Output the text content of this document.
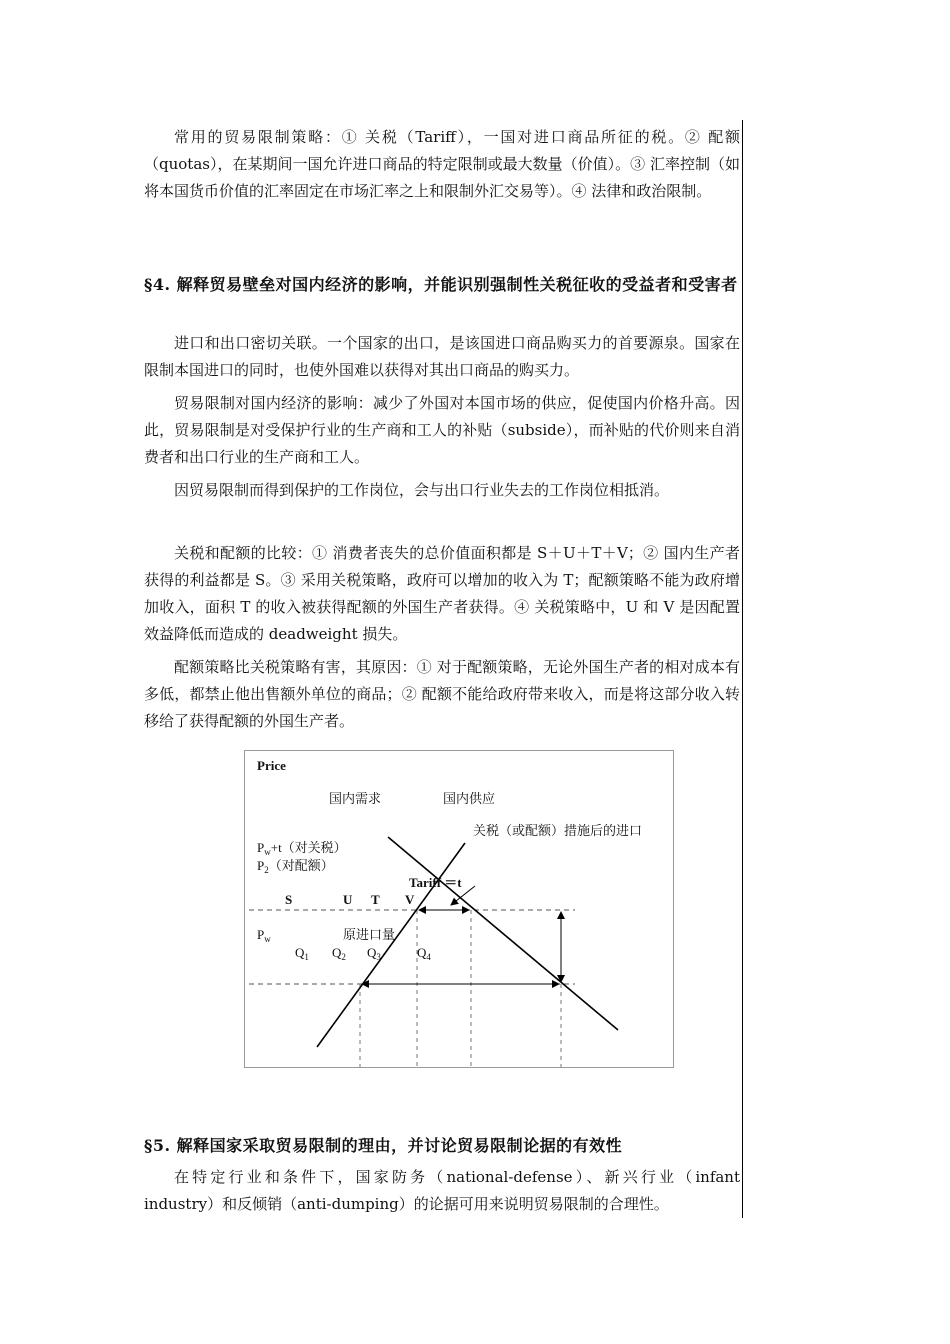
常用的贸易限制策略：① 关税（Tariff），一国对进口商品所征的税。② 配额（quotas），在某期间一国允许进口商品的特定限制或最大数量（价值）。③ 汇率控制（如将本国货币价值的汇率固定在市场汇率之上和限制外汇交易等）。④ 法律和政治限制。

§4. 解释贸易壁垒对国内经济的影响，并能识别强制性关税征收的受益者和受害者

进口和出口密切关联。一个国家的出口，是该国进口商品购买力的首要源泉。国家在限制本国进口的同时，也使外国难以获得对其出口商品的购买力。

贸易限制对国内经济的影响：减少了外国对本国市场的供应，促使国内价格升高。因此，贸易限制是对受保护行业的生产商和工人的补贴（subside），而补贴的代价则来自消费者和出口行业的生产商和工人。

因贸易限制而得到保护的工作岗位，会与出口行业失去的工作岗位相抵消。

关税和配额的比较：① 消费者丧失的总价值面积都是 S＋U＋T＋V；② 国内生产者获得的利益都是 S。③ 采用关税策略，政府可以增加的收入为 T；配额策略不能为政府增加收入，面积 T 的收入被获得配额的外国生产者获得。④ 关税策略中，U 和 V 是因配置效益降低而造成的 deadweight 损失。

配额策略比关税策略有害，其原因：① 对于配额策略，无论外国生产者的相对成本有多低，都禁止他出售额外单位的商品；② 配额不能给政府带来收入，而是将这部分收入转移给了获得配额的外国生产者。

Price
国内需求	国内供应
关税（或配额）措施后的进口
$P_w+t$（对关税）
$P_2$（对配额）
Tariff ＝t
S	U T V
$P_w$	原进口量
$Q_1$ $Q_2$ $Q_3$	$Q_4$
§5. 解释国家采取贸易限制的理由，并讨论贸易限制论据的有效性

在特定行业和条件下，国家防务（national-defense）、新兴行业（infant industry）和反倾销（anti-dumping）的论据可用来说明贸易限制的合理性。
